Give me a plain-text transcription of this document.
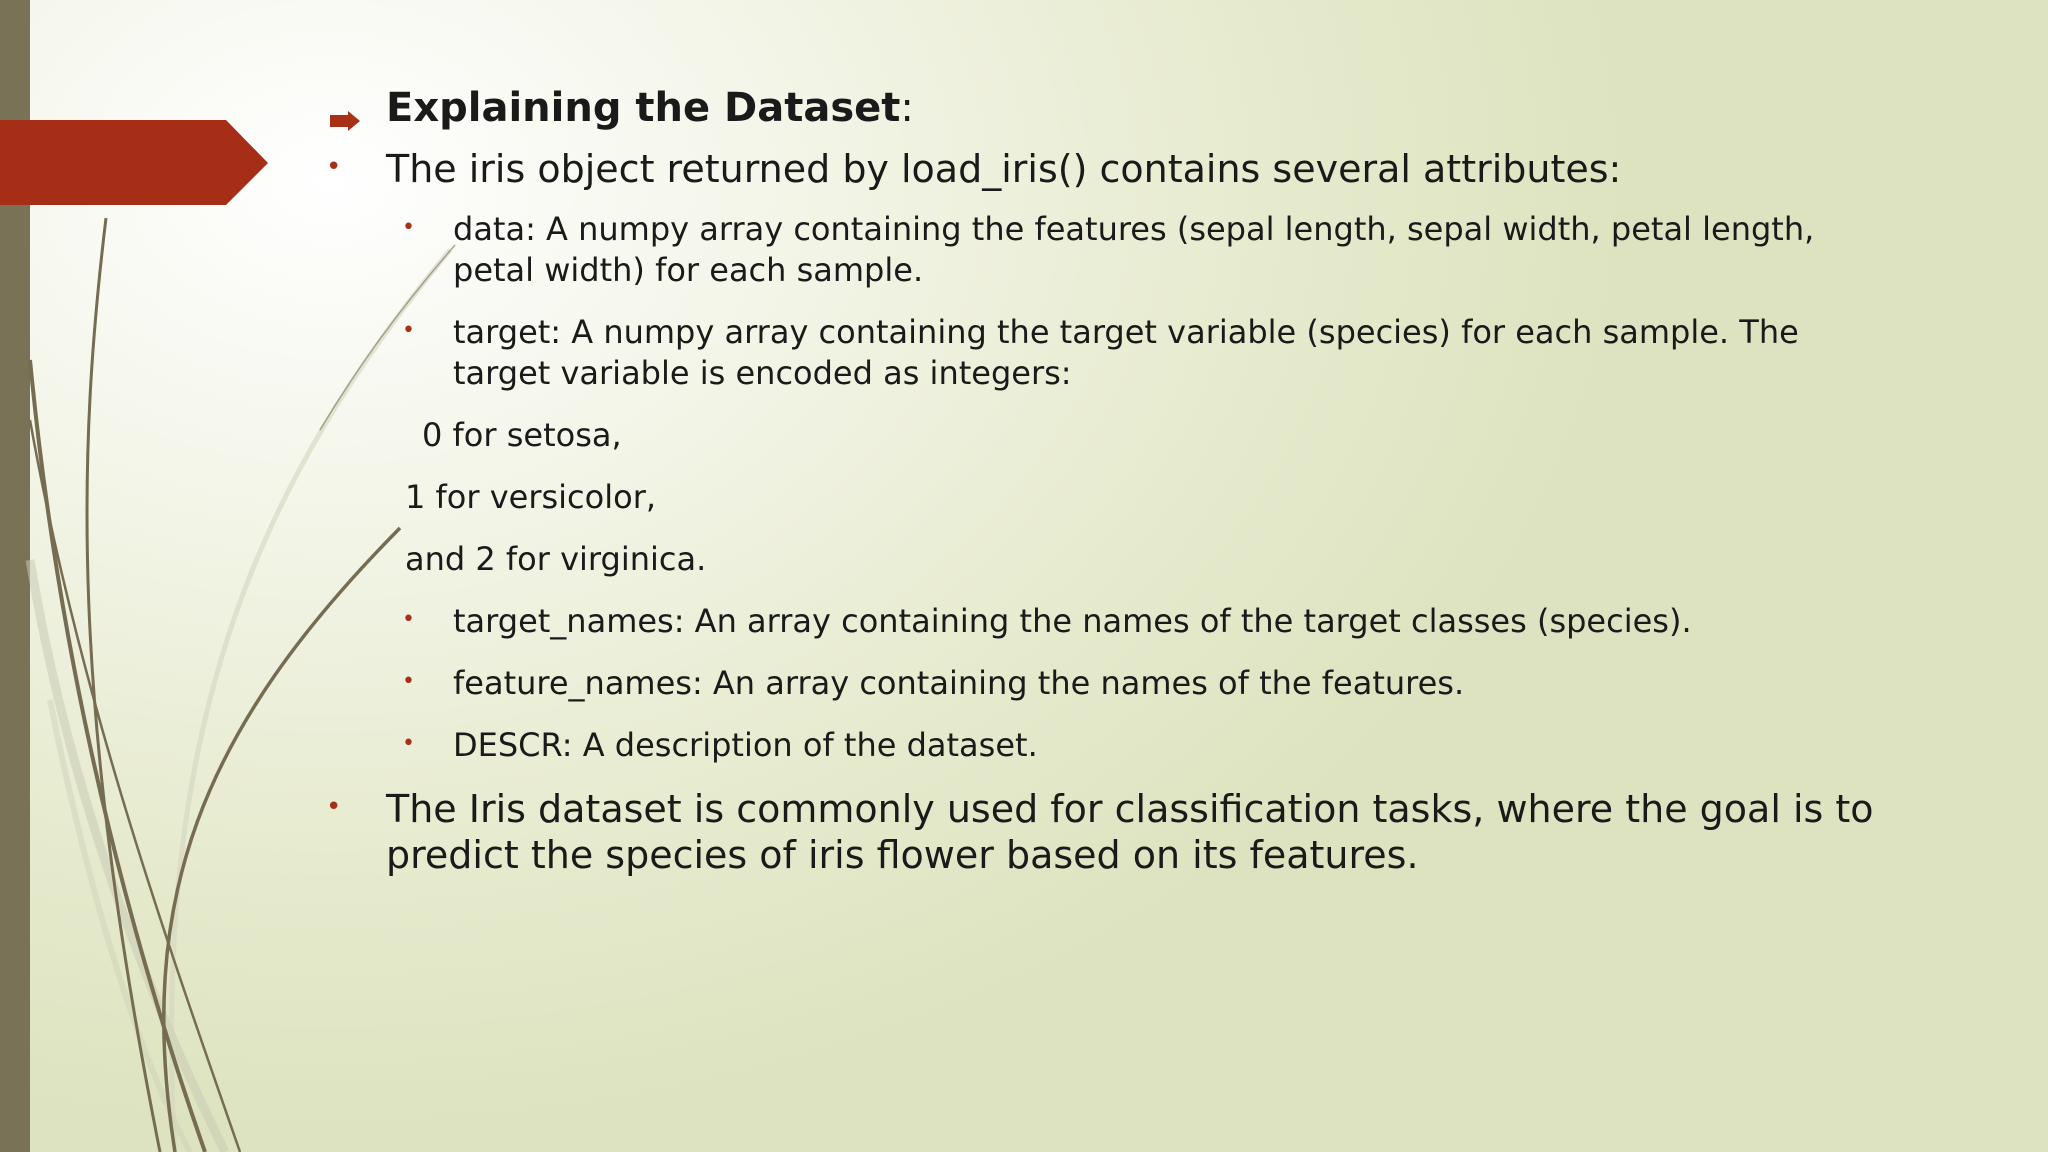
Explaining the Dataset:
• The iris object returned by load_iris() contains several attributes:
• data: A numpy array containing the features (sepal length, sepal width, petal length, petal width) for each sample.
• target: A numpy array containing the target variable (species) for each sample. The target variable is encoded as integers:
0 for setosa,
1 for versicolor,
and 2 for virginica.
• target_names: An array containing the names of the target classes (species).
• feature_names: An array containing the names of the features.
• DESCR: A description of the dataset.
• The Iris dataset is commonly used for classification tasks, where the goal is to predict the species of iris flower based on its features.
